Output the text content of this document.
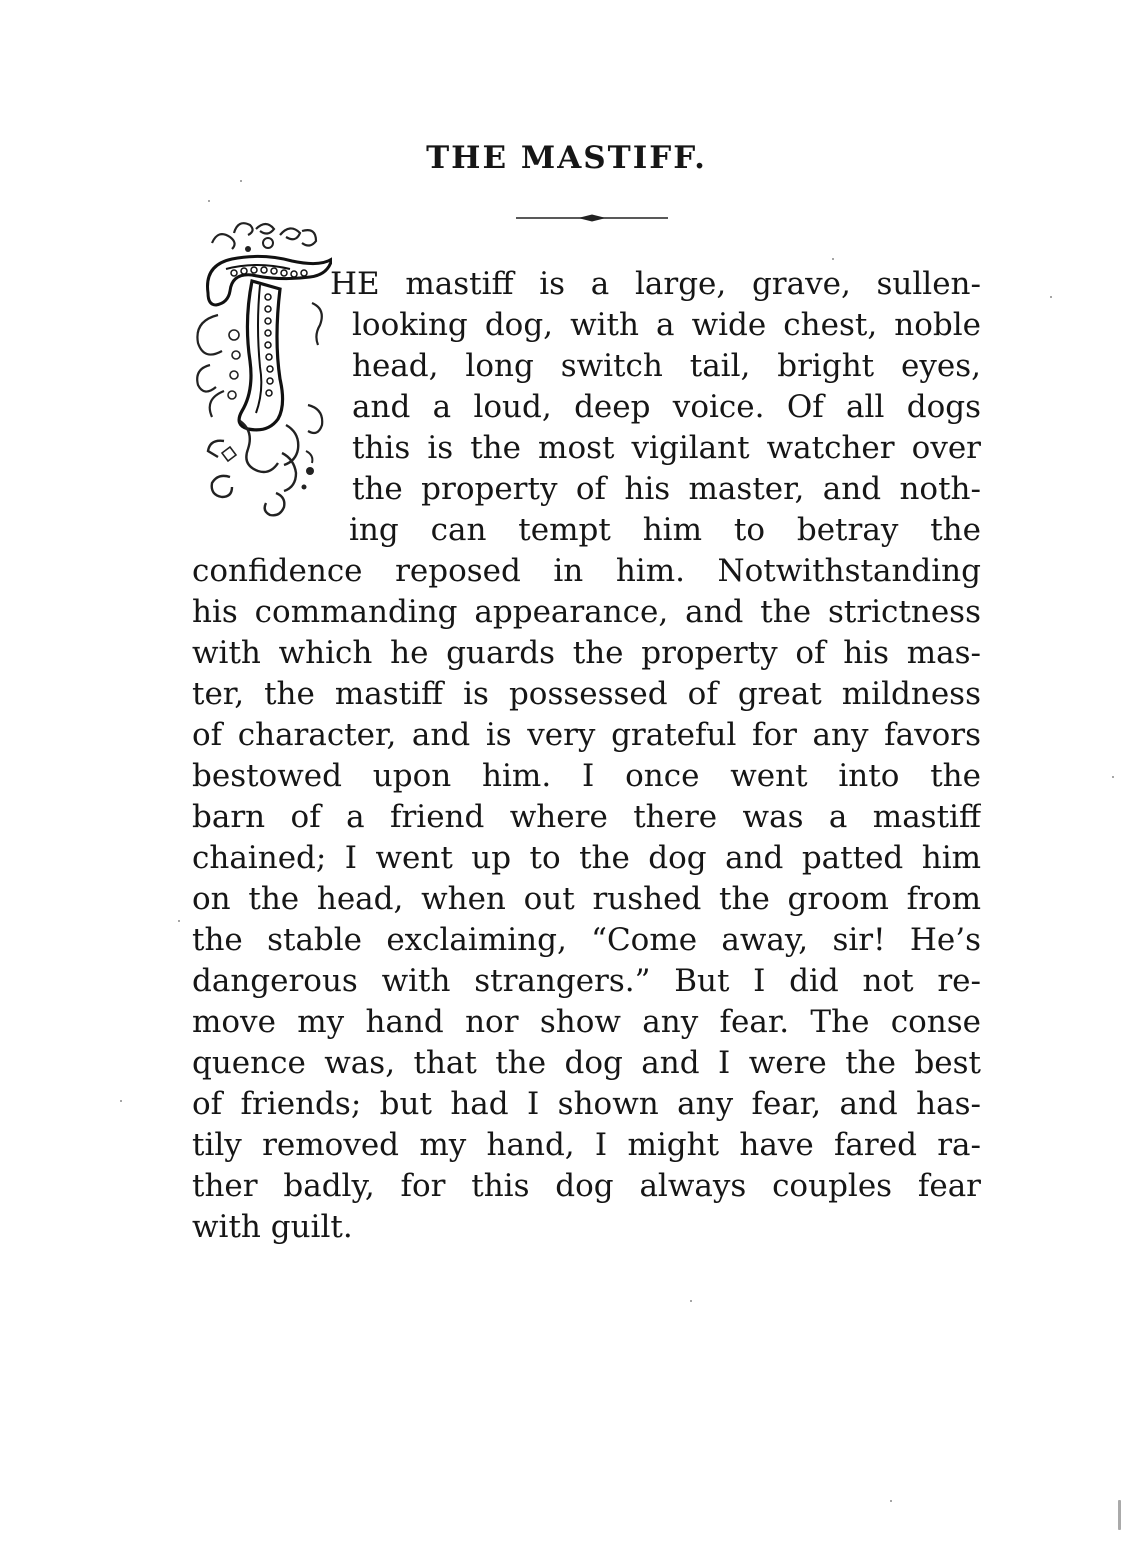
THE MASTIFF.
T

HE mastiff is a large, grave, sullen-

looking dog, with a wide chest, noble

head, long switch tail, bright eyes,

and a loud, deep voice. Of all dogs

this is the most vigilant watcher over

the property of his master, and noth-

ing can tempt him to betray the

confidence reposed in him. Notwithstanding

his commanding appearance, and the strictness

with which he guards the property of his mas-

ter, the mastiff is possessed of great mildness

of character, and is very grateful for any favors

bestowed upon him. I once went into the

barn of a friend where there was a mastiff

chained; I went up to the dog and patted him

on the head, when out rushed the groom from

the stable exclaiming, “Come away, sir! He’s

dangerous with strangers.” But I did not re-

move my hand nor show any fear. The conse

quence was, that the dog and I were the best

of friends; but had I shown any fear, and has-

tily removed my hand, I might have fared ra-

ther badly, for this dog always couples fear

with guilt.
